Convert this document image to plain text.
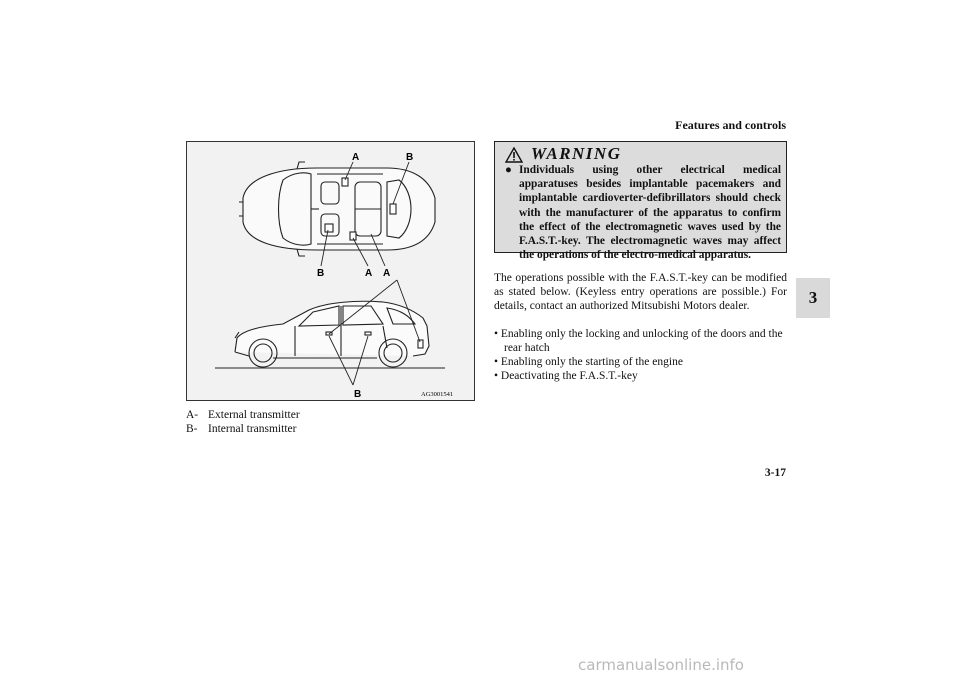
Features and controls
3
A	B
B	A A
B	AG3001541
A- External transmitter
B- Internal transmitter
WARNING
● Individuals using other electrical medical apparatuses besides implantable pacemakers and implantable cardioverter-defibrillators should check with the manufacturer of the apparatus to confirm the effect of the electromagnetic waves used by the F.A.S.T.-key. The electromagnetic waves may affect the operations of the electro-medical apparatus.
The operations possible with the F.A.S.T.-key can be modified as stated below. (Keyless entry operations are possible.) For details, contact an authorized Mitsubishi Motors dealer.
• Enabling only the locking and unlocking of the doors and the rear hatch
• Enabling only the starting of the engine
• Deactivating the F.A.S.T.-key
3-17
carmanualsonline.info
